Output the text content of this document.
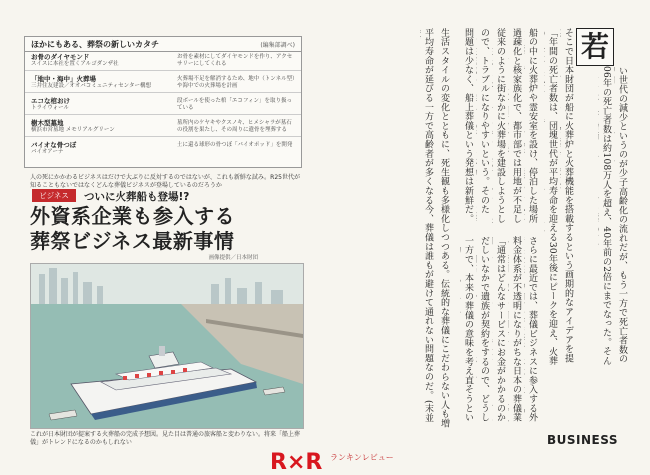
ほかにもある、葬祭の新しいカタチ	(編集部調べ)
お骨のダイヤモンド
スイスに本社を置くアルゴダンザ社
お骨を素材にしてダイヤモンドを作り、アクセサリーにしてくれる
「地中・海中」火葬場
三井住友建設／オオバコミュニティセンター構想
火葬場不足を解消するため、地中（トンネル型）や海中での火葬場を計画
エコな棺おけ
トライウォール
段ボールを使った棺「エコフィン」を取り扱っている
樹木型墓地
横浜市営墓地 メモリアルグリーン
墓所内のケヤキやクスノキ、ヒメシャラが墓石の役割を果たし、その周りに遺骨を埋葬する
バイオな骨つぼ
バイオアーナ
土に還る球形の骨つぼ「バイオポッド」を開発
人の死にかかわるビジネスはだけで大ぶりに反対するのではないが、これも新鮮な試み。R25世代が知ることもないではなくどんな葬儀ビジネスが登場しているのだろうか
ビジネス	ついに火葬船も登場!?
外資系企業も参入する
葬祭ビジネス最新事情
画像提供／日本財団
これが日本財団が提案する火葬船の完成予想図。見た目は普通の旅客船と変わりない。将来「船上葬儀」がトレンドになるのかもしれない
若
い世代の減少というのが少子高齢化の流れだが、もう一方で死亡者数の
06年の死亡者数は約108万人を超え、40年前の2倍にまでなった。そん
そこで日本財団が船に火葬炉と火葬機能を搭載するという画期的なアイデアを提
「年間の死亡者数は、団塊世代が平均寿命を迎える30年後にピークを迎え、火葬
船の中に火葬炉や霊安室を設け、停泊した場所
過疎化と核家族化で、都市部では用地が不足し
従来のように街なかに火葬場を建設しようとし
ので、トラブルになりやすいという。そのた
問題は少なく、船上葬儀という発想は新鮮だ。
さらに最近では、葬儀ビジネスに参入する外
料金体系が不透明になりがちな日本の葬儀業
「通常はどんなサービスにお金がかかるのか
だしいなかで遺族が契約をするので、どうし
一方で、本来の葬儀の意味を考え直そうとい
生活スタイルの変化とともに、死生観も多様化しつつある。伝統的な葬儀にこだわらない人も増
平均寿命が延びる一方で高齢者が多くなる今、葬儀は誰もが避けて通れない問題なのだ。(末並
BUSINESS
R×R ランキンレビュー
